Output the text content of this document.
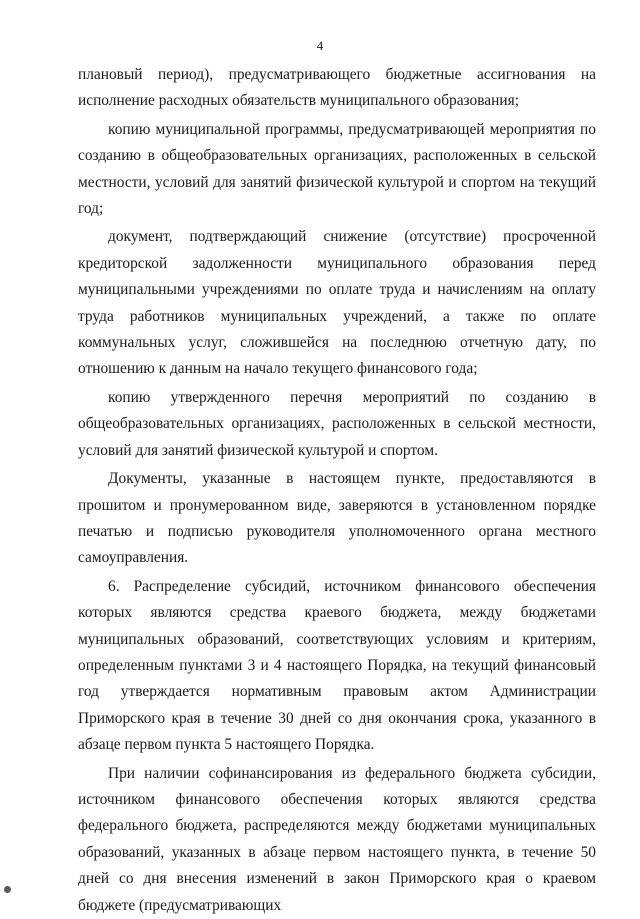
4

плановый период), предусматривающего бюджетные ассигнования на исполнение расходных обязательств муниципального образования;

копию муниципальной программы, предусматривающей мероприятия по созданию в общеобразовательных организациях, расположенных в сельской местности, условий для занятий физической культурой и спортом на текущий год;

документ, подтверждающий снижение (отсутствие) просроченной кредиторской задолженности муниципального образования перед муниципальными учреждениями по оплате труда и начислениям на оплату труда работников муниципальных учреждений, а также по оплате коммунальных услуг, сложившейся на последнюю отчетную дату, по отношению к данным на начало текущего финансового года;

копию утвержденного перечня мероприятий по созданию в общеобразовательных организациях, расположенных в сельской местности, условий для занятий физической культурой и спортом.

Документы, указанные в настоящем пункте, предоставляются в прошитом и пронумерованном виде, заверяются в установленном порядке печатью и подписью руководителя уполномоченного органа местного самоуправления.

6. Распределение субсидий, источником финансового обеспечения которых являются средства краевого бюджета, между бюджетами муниципальных образований, соответствующих условиям и критериям, определенным пунктами 3 и 4 настоящего Порядка, на текущий финансовый год утверждается нормативным правовым актом Администрации Приморского края в течение 30 дней со дня окончания срока, указанного в абзаце первом пункта 5 настоящего Порядка.

При наличии софинансирования из федерального бюджета субсидии, источником финансового обеспечения которых являются средства федерального бюджета, распределяются между бюджетами муниципальных образований, указанных в абзаце первом настоящего пункта, в течение 50 дней со дня внесения изменений в закон Приморского края о краевом бюджете (предусматривающих
